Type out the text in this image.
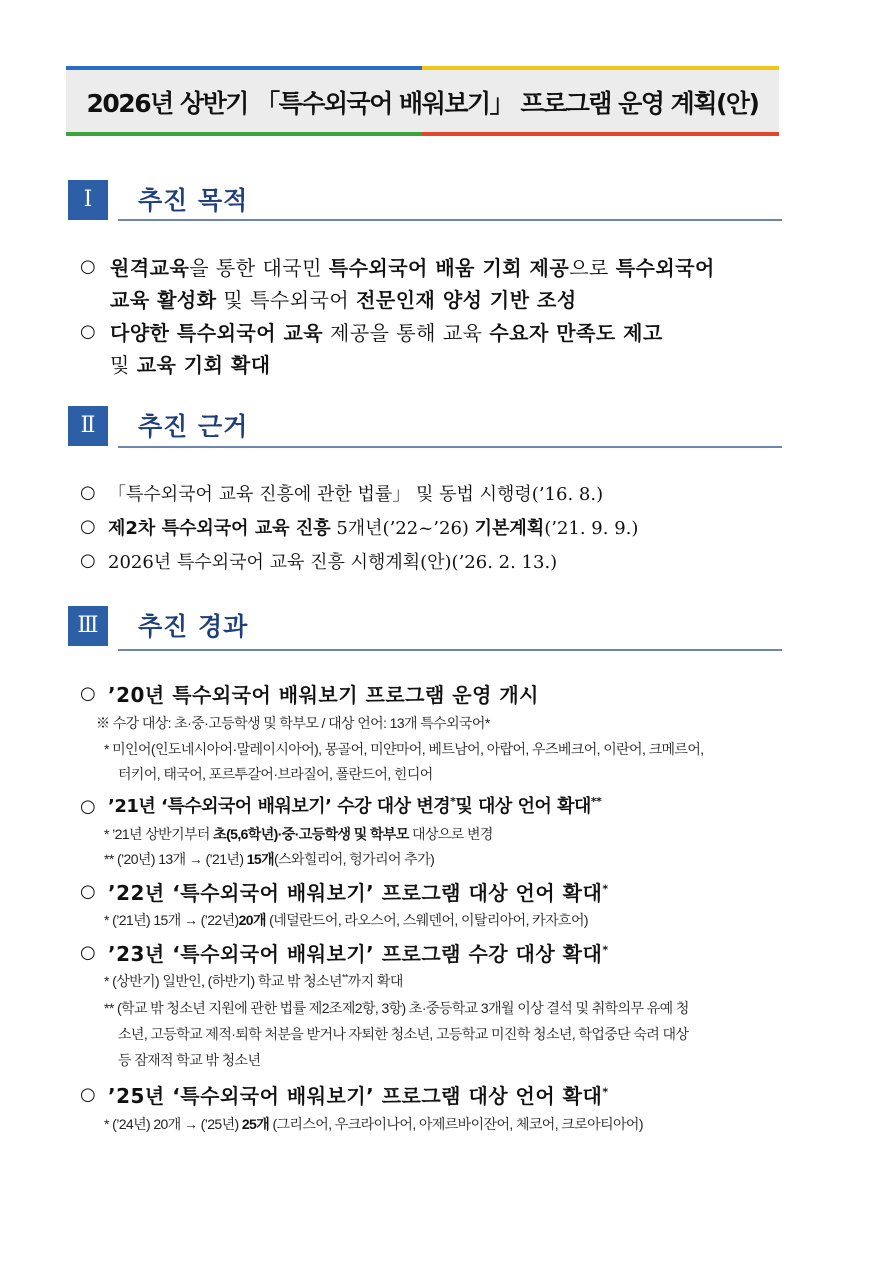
2026년 상반기 「특수외국어 배워보기」 프로그램 운영 계획(안)
Ⅰ	추진 목적
○ 원격교육을 통한 대국민 특수외국어 배움 기회 제공으로 특수외국어
교육 활성화 및 특수외국어 전문인재 양성 기반 조성
○ 다양한 특수외국어 교육 제공을 통해 교육 수요자 만족도 제고
및 교육 기회 확대
Ⅱ	추진 근거
○ 「특수외국어 교육 진흥에 관한 법률」 및 동법 시행령(’16. 8.)
○ 제2차 특수외국어 교육 진흥 5개년(’22~’26) 기본계획(’21. 9. 9.)
○ 2026년 특수외국어 교육 진흥 시행계획(안)(’26. 2. 13.)
Ⅲ	추진 경과
○ ’20년 특수외국어 배워보기 프로그램 운영 개시
※ 수강 대상: 초·중·고등학생 및 학부모 / 대상 언어: 13개 특수외국어*
* 미인어(인도네시아어·말레이시아어), 몽골어, 미얀마어, 베트남어, 아랍어, 우즈베크어, 이란어, 크메르어,
터키어, 태국어, 포르투갈어·브라질어, 폴란드어, 힌디어
○ ’21년 ‘특수외국어 배워보기’ 수강 대상 변경*및 대상 언어 확대**
* ’21년 상반기부터 초(5,6학년)·중·고등학생 및 학부모 대상으로 변경
** (’20년) 13개 → (’21년) 15개(스와힐리어, 헝가리어 추가)
○ ’22년 ‘특수외국어 배워보기’ 프로그램 대상 언어 확대*
* (’21년) 15개 → (’22년)20개 (네덜란드어, 라오스어, 스웨덴어, 이탈리아어, 카자흐어)
○ ’23년 ‘특수외국어 배워보기’ 프로그램 수강 대상 확대*
* (상반기) 일반인, (하반기) 학교 밖 청소년**까지 확대
** (학교 밖 청소년 지원에 관한 법률 제2조제2항, 3항) 초·중등학교 3개월 이상 결석 및 취학의무 유예 청
소년, 고등학교 제적·퇴학 처분을 받거나 자퇴한 청소년, 고등학교 미진학 청소년, 학업중단 숙려 대상
등 잠재적 학교 밖 청소년
○ ’25년 ‘특수외국어 배워보기’ 프로그램 대상 언어 확대*
* (’24년) 20개 → (’25년) 25개 (그리스어, 우크라이나어, 아제르바이잔어, 체코어, 크로아티아어)
